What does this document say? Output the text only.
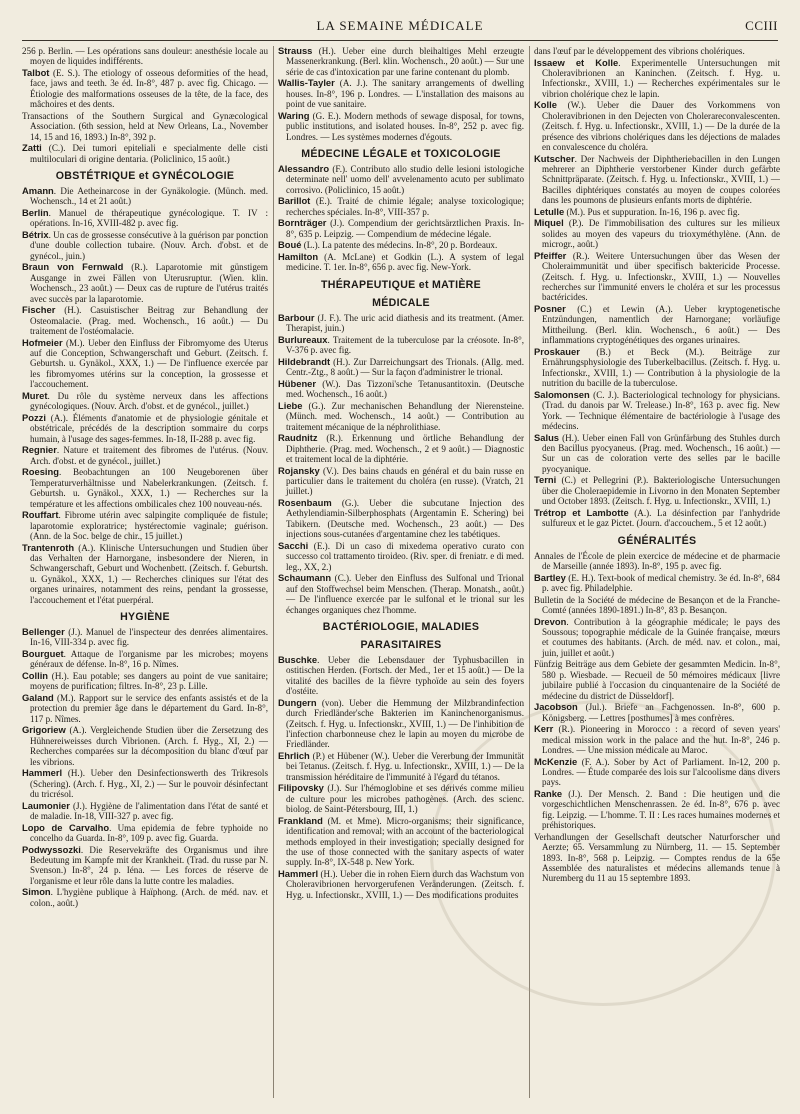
LA SEMAINE MÉDICALE	CCIII
256 p. Berlin. — Les opérations sans douleur: anesthésie locale au moyen de liquides indifférents.
Talbot (E. S.). The etiology of osseous deformities of the head, face, jaws and teeth. 3e éd. In-8°, 487 p. avec fig. Chicago. — Étiologie des malformations osseuses de la tête, de la face, des mâchoires et des dents.
Transactions of the Southern Surgical and Gynæcological Association. (6th session, held at New Orleans, La., November 14, 15 and 16, 1893.) In-8°, 392 p.
Zatti (C.). Dei tumori epiteliali e specialmente delle cisti multiloculari di origine dentaria. (Policlinico, 15 août.)
OBSTÉTRIQUE et GYNÉCOLOGIE
Amann. Die Aetheinarcose in der Gynäkologie. (Münch. med. Wochensch., 14 et 21 août.)
Berlin. Manuel de thérapeutique gynécologique. T. IV : opérations. In-16, XVIII-482 p. avec fig.
Bétrix. Un cas de grossesse consécutive à la guérison par ponction d'une double collection tubaire. (Nouv. Arch. d'obst. et de gynécol., juin.)
Braun von Fernwald (R.). Laparotomie mit günstigem Ausgange in zwei Fällen von Uterusruptur. (Wien. klin. Wochensch., 23 août.) — Deux cas de rupture de l'utérus traités avec succès par la laparotomie.
Fischer (H.). Casuistischer Beitrag zur Behandlung der Osteomalacie. (Prag. med. Wochensch., 16 août.) — Du traitement de l'ostéomalacie.
Hofmeier (M.). Ueber den Einfluss der Fibromyome des Uterus auf die Conception, Schwangerschaft und Geburt. (Zeitsch. f. Geburtsh. u. Gynäkol., XXX, 1.) — De l'influence exercée par les fibromyomes utérins sur la conception, la grossesse et l'accouchement.
Muret. Du rôle du système nerveux dans les affections gynécologiques. (Nouv. Arch. d'obst. et de gynécol., juillet.)
Pozzi (A.). Éléments d'anatomie et de physiologie génitale et obstétricale, précédés de la description sommaire du corps humain, à l'usage des sages-femmes. In-18, II-288 p. avec fig.
Regnier. Nature et traitement des fibromes de l'utérus. (Nouv. Arch. d'obst. et de gynécol., juillet.)
Roesing. Beobachtungen an 100 Neugeborenen über Temperaturverhältnisse und Nabelerkrankungen. (Zeitsch. f. Geburtsh. u. Gynäkol., XXX, 1.) — Recherches sur la température et les affections ombilicales chez 100 nouveau-nés.
Rouffart. Fibrome utérin avec salpingite compliquée de fistule; laparotomie exploratrice; hystérectomie vaginale; guérison. (Ann. de la Soc. belge de chir., 15 juillet.)
Trantenroth (A.). Klinische Untersuchungen und Studien über das Verhalten der Harnorgane, insbesondere der Nieren, in Schwangerschaft, Geburt und Wochenbett. (Zeitsch. f. Geburtsh. u. Gynäkol., XXX, 1.) — Recherches cliniques sur l'état des organes urinaires, notamment des reins, pendant la grossesse, l'accouchement et l'état puerpéral.
HYGIÈNE
Bellenger (J.). Manuel de l'inspecteur des denrées alimentaires. In-16, VIII-334 p. avec fig.
Bourguet. Attaque de l'organisme par les microbes; moyens généraux de défense. In-8°, 16 p. Nîmes.
Collin (H.). Eau potable; ses dangers au point de vue sanitaire; moyens de purification; filtres. In-8°, 23 p. Lille.
Galand (M.). Rapport sur le service des enfants assistés et de la protection du premier âge dans le département du Gard. In-8°, 117 p. Nîmes.
Grigoriew (A.). Vergleichende Studien über die Zersetzung des Hühnereiweisses durch Vibrionen. (Arch. f. Hyg., XI, 2.) — Recherches comparées sur la décomposition du blanc d'œuf par les vibrions.
Hammerl (H.). Ueber den Desinfectionswerth des Trikresols (Schering). (Arch. f. Hyg., XI, 2.) — Sur le pouvoir désinfectant du tricrésol.
Laumonier (J.). Hygiène de l'alimentation dans l'état de santé et de maladie. In-18, VIII-327 p. avec fig.
Lopo de Carvalho. Uma epidemia de febre typhoide no concelho da Guarda. In-8°, 109 p. avec fig. Guarda.
Podwyssozki. Die Reservekräfte des Organismus und ihre Bedeutung im Kampfe mit der Krankheit. (Trad. du russe par N. Svenson.) In-8°, 24 p. Iéna. — Les forces de réserve de l'organisme et leur rôle dans la lutte contre les maladies.
Simon. L'hygiène publique à Haïphong. (Arch. de méd. nav. et colon., août.)
Strauss (H.). Ueber eine durch bleihaltiges Mehl erzeugte Massenerkrankung. (Berl. klin. Wochensch., 20 août.) — Sur une série de cas d'intoxication par une farine contenant du plomb.
Wallis-Tayler (A. J.). The sanitary arrangements of dwelling houses. In-8°, 196 p. Londres. — L'installation des maisons au point de vue sanitaire.
Waring (G. E.). Modern methods of sewage disposal, for towns, public institutions, and isolated houses. In-8°, 252 p. avec fig. Londres. — Les systèmes modernes d'égouts.
MÉDECINE LÉGALE et TOXICOLOGIE
Alessandro (F.). Contributo allo studio delle lesioni istologiche determinate nell' uomo dell' avvelenamento acuto per sublimato corrosivo. (Policlinico, 15 août.)
Barillot (E.). Traité de chimie légale; analyse toxicologique; recherches spéciales. In-8°, VIII-357 p.
Bornträger (J.). Compendium der gerichtsärztlichen Praxis. In-8°, 635 p. Leipzig. — Compendium de médecine légale.
Boué (L.). La patente des médecins. In-8°, 20 p. Bordeaux.
Hamilton (A. McLane) et Godkin (L.). A system of legal medicine. T. 1er. In-8°, 656 p. avec fig. New-York.
THÉRAPEUTIQUE et MATIÈRE
MÉDICALE
Barbour (J. F.). The uric acid diathesis and its treatment. (Amer. Therapist, juin.)
Burlureaux. Traitement de la tuberculose par la créosote. In-8°, V-376 p. avec fig.
Hildebrandt (H.). Zur Darreichungsart des Trionals. (Allg. med. Centr.-Ztg., 8 août.) — Sur la façon d'administrer le trional.
Hübener (W.). Das Tizzoni'sche Tetanusantitoxin. (Deutsche med. Wochensch., 16 août.)
Liebe (G.). Zur mechanischen Behandlung der Nierensteine. (Münch. med. Wochensch., 14 août.) — Contribution au traitement mécanique de la néphrolithiase.
Raudnitz (R.). Erkennung und örtliche Behandlung der Diphtherie. (Prag. med. Wochensch., 2 et 9 août.) — Diagnostic et traitement local de la diphtérie.
Rojansky (V.). Des bains chauds en général et du bain russe en particulier dans le traitement du choléra (en russe). (Vratch, 21 juillet.)
Rosenbaum (G.). Ueber die subcutane Injection des Aethylendiamin-Silberphosphats (Argentamin E. Schering) bei Tabikern. (Deutsche med. Wochensch., 23 août.) — Des injections sous-cutanées d'argentamine chez les tabétiques.
Sacchi (E.). Di un caso di mixedema operativo curato con successo col trattamento tiroideo. (Riv. sper. di freniatr. e di med. leg., XX, 2.)
Schaumann (C.). Ueber den Einfluss des Sulfonal und Trional auf den Stoffwechsel beim Menschen. (Therap. Monatsh., août.) — De l'influence exercée par le sulfonal et le trional sur les échanges organiques chez l'homme.
BACTÉRIOLOGIE, MALADIES
PARASITAIRES
Buschke. Ueber die Lebensdauer der Typhusbacillen in ostitischen Herden. (Fortsch. der Med., 1er et 15 août.) — De la vitalité des bacilles de la fièvre typhoïde au sein des foyers d'ostéite.
Dungern (von). Ueber die Hemmung der Milzbrandinfection durch Friedländer'sche Bakterien im Kaninchenorganismus. (Zeitsch. f. Hyg. u. Infectionskr., XVIII, 1.) — De l'inhibition de l'infection charbonneuse chez le lapin au moyen du microbe de Friedländer.
Ehrlich (P.) et Hübener (W.). Ueber die Vererbung der Immunität bei Tetanus. (Zeitsch. f. Hyg. u. Infectionskr., XVIII, 1.) — De la transmission héréditaire de l'immunité à l'égard du tétanos.
Filipovsky (J.). Sur l'hémoglobine et ses dérivés comme milieu de culture pour les microbes pathogènes. (Arch. des scienc. biolog. de Saint-Pétersbourg, III, 1.)
Frankland (M. et Mme). Micro-organisms; their significance, identification and removal; with an account of the bacteriological methods employed in their investigation; specially designed for the use of those connected with the sanitary aspects of water supply. In-8°, IX-548 p. New York.
Hammerl (H.). Ueber die in rohen Eiern durch das Wachstum von Choleravibrionen hervorgerufenen Veränderungen. (Zeitsch. f. Hyg. u. Infectionskr., XVIII, 1.) — Des modifications produites
dans l'œuf par le développement des vibrions cholériques.
Issaew et Kolle. Experimentelle Untersuchungen mit Choleravibrionen an Kaninchen. (Zeitsch. f. Hyg. u. Infectionskr., XVIII, 1.) — Recherches expérimentales sur le vibrion cholérique chez le lapin.
Kolle (W.). Ueber die Dauer des Vorkommens von Choleravibrionen in den Dejecten von Cholerareconvalescenten. (Zeitsch. f. Hyg. u. Infectionskr., XVIII, 1.) — De la durée de la présence des vibrions cholériques dans les déjections de malades en convalescence du choléra.
Kutscher. Der Nachweis der Diphtheriebacillen in den Lungen mehrerer an Diphtherie verstorbener Kinder durch gefärbte Schnittpräparate. (Zeitsch. f. Hyg. u. Infectionskr., XVIII, 1.) — Bacilles diphtériques constatés au moyen de coupes colorées dans les poumons de plusieurs enfants morts de diphtérie.
Letulle (M.). Pus et suppuration. In-16, 196 p. avec fig.
Miquel (P.). De l'immobilisation des cultures sur les milieux solides au moyen des vapeurs du trioxyméthylène. (Ann. de microgr., août.)
Pfeiffer (R.). Weitere Untersuchungen über das Wesen der Choleraimmunität und über specifisch baktericide Processe. (Zeitsch. f. Hyg. u. Infectionskr., XVIII, 1.) — Nouvelles recherches sur l'immunité envers le choléra et sur les processus bactéricides.
Posner (C.) et Lewin (A.). Ueber kryptogenetische Entzündungen, namentlich der Harnorgane; vorläufige Mittheilung. (Berl. klin. Wochensch., 6 août.) — Des inflammations cryptogénétiques des organes urinaires.
Proskauer (B.) et Beck (M.). Beiträge zur Ernährungsphysiologie des Tuberkelbacillus. (Zeitsch. f. Hyg. u. Infectionskr., XVIII, 1.) — Contribution à la physiologie de la nutrition du bacille de la tuberculose.
Salomonsen (C. J.). Bacteriological technology for physicians. (Trad. du danois par W. Trelease.) In-8°, 163 p. avec fig. New York. — Technique élémentaire de bactériologie à l'usage des médecins.
Salus (H.). Ueber einen Fall von Grünfärbung des Stuhles durch den Bacillus pyocyaneus. (Prag. med. Wochensch., 16 août.) — Sur un cas de coloration verte des selles par le bacille pyocyanique.
Terni (C.) et Pellegrini (P.). Bakteriologische Untersuchungen über die Choleraepidemie in Livorno in den Monaten September und October 1893. (Zeitsch. f. Hyg. u. Infectionskr., XVIII, 1.)
Trétrop et Lambotte (A.). La désinfection par l'anhydride sulfureux et le gaz Pictet. (Journ. d'accouchem., 5 et 12 août.)
GÉNÉRALITÉS
Annales de l'École de plein exercice de médecine et de pharmacie de Marseille (année 1893). In-8°, 195 p. avec fig.
Bartley (E. H.). Text-book of medical chemistry. 3e éd. In-8°, 684 p. avec fig. Philadelphie.
Bulletin de la Société de médecine de Besançon et de la Franche-Comté (années 1890-1891.) In-8°, 83 p. Besançon.
Drevon. Contribution à la géographie médicale; le pays des Soussous; topographie médicale de la Guinée française, mœurs et coutumes des habitants. (Arch. de méd. nav. et colon., mai, juin, juillet et août.)
Fünfzig Beiträge aus dem Gebiete der gesammten Medicin. In-8°, 580 p. Wiesbade. — Recueil de 50 mémoires médicaux [livre jubilaire publié à l'occasion du cinquantenaire de la Société de médecine du district de Düsseldorf].
Jacobson (Jul.). Briefe an Fachgenossen. In-8°, 600 p. Königsberg. — Lettres [posthumes] à mes confrères.
Kerr (R.). Pioneering in Morocco : a record of seven years' medical mission work in the palace and the hut. In-8°, 246 p. Londres. — Une mission médicale au Maroc.
McKenzie (F. A.). Sober by Act of Parliament. In-12, 200 p. Londres. — Étude comparée des lois sur l'alcoolisme dans divers pays.
Ranke (J.). Der Mensch. 2. Band : Die heutigen und die vorgeschichtlichen Menschenrassen. 2e éd. In-8°, 676 p. avec fig. Leipzig. — L'homme. T. II : Les races humaines modernes et préhistoriques.
Verhandlungen der Gesellschaft deutscher Naturforscher und Aerzte; 65. Versammlung zu Nürnberg, 11. — 15. September 1893. In-8°, 568 p. Leipzig. — Comptes rendus de la 65e Assemblée des naturalistes et médecins allemands tenue à Nuremberg du 11 au 15 septembre 1893.
